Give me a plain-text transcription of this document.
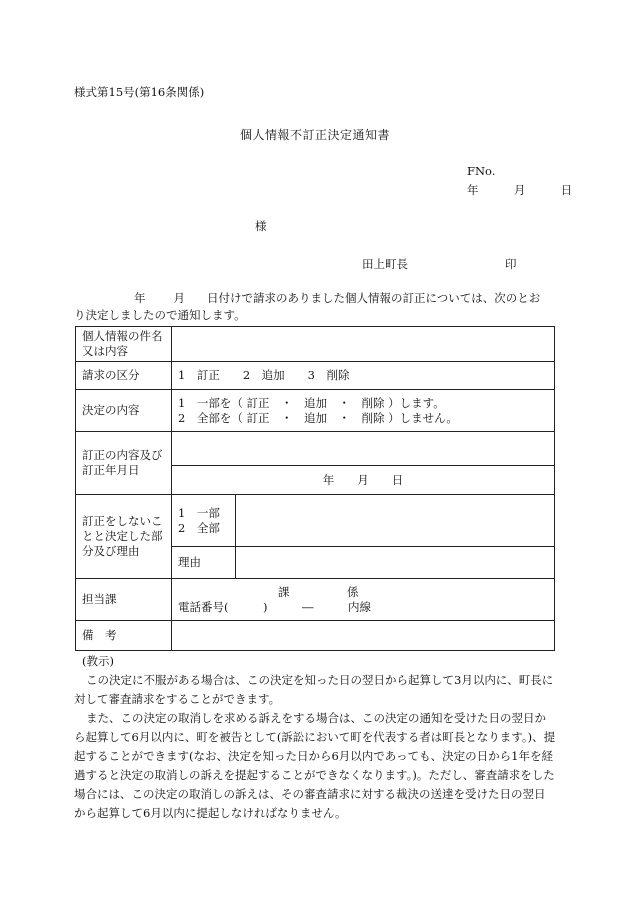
様式第15号(第16条関係)
個人情報不訂正決定通知書
FNo.
年	月	日
様
田上町長	印
年 月 日付けで請求のありました個人情報の訂正については、次のとお
り決定しましたので通知します。
個人情報の件名又は内容		
請求の区分	1　訂正　　2　追加　　3　削除	
決定の内容	1　一部を（ 訂正　・　追加　・　削除 ）します。
2　全部を（ 訂正　・　追加　・　削除 ）しません。	

訂正の内容及び訂正年月日		
	年　　月　　日	
訂正をしないことと決定した部分及び理由	1　一部
2　全部	

	理由	
担当課	課　　　　　係
電話番号(　　　)　　　―　　　内線	

備　考		

(教示)

この決定に不服がある場合は、この決定を知った日の翌日から起算して3月以内に、町長に対して審査請求をすることができます。

また、この決定の取消しを求める訴えをする場合は、この決定の通知を受けた日の翌日から起算して6月以内に、町を被告として(訴訟において町を代表する者は町長となります。)、提起することができます(なお、決定を知った日から6月以内であっても、決定の日から1年を経過すると決定の取消しの訴えを提起することができなくなります。)。ただし、審査請求をした場合には、この決定の取消しの訴えは、その審査請求に対する裁決の送達を受けた日の翌日から起算して6月以内に提起しなければなりません。
